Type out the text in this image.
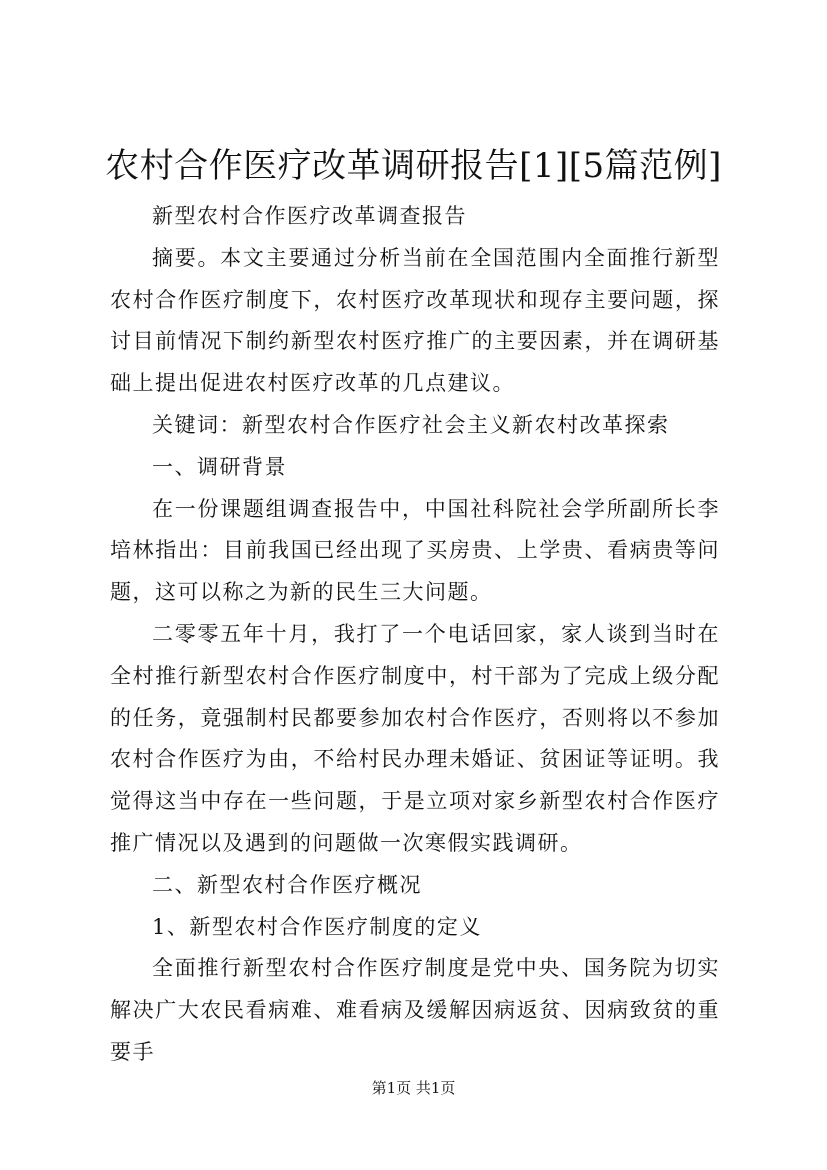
农村合作医疗改革调研报告[1][5篇范例]

新型农村合作医疗改革调查报告

摘要。本文主要通过分析当前在全国范围内全面推行新型农村合作医疗制度下，农村医疗改革现状和现存主要问题，探讨目前情况下制约新型农村医疗推广的主要因素，并在调研基础上提出促进农村医疗改革的几点建议。

关键词：新型农村合作医疗社会主义新农村改革探索

一、调研背景

在一份课题组调查报告中，中国社科院社会学所副所长李培林指出：目前我国已经出现了买房贵、上学贵、看病贵等问题，这可以称之为新的民生三大问题。

二零零五年十月，我打了一个电话回家，家人谈到当时在全村推行新型农村合作医疗制度中，村干部为了完成上级分配的任务，竟强制村民都要参加农村合作医疗，否则将以不参加农村合作医疗为由，不给村民办理未婚证、贫困证等证明。我觉得这当中存在一些问题，于是立项对家乡新型农村合作医疗推广情况以及遇到的问题做一次寒假实践调研。

二、新型农村合作医疗概况

1、新型农村合作医疗制度的定义

全面推行新型农村合作医疗制度是党中央、国务院为切实解决广大农民看病难、难看病及缓解因病返贫、因病致贫的重要手

第1页 共1页
